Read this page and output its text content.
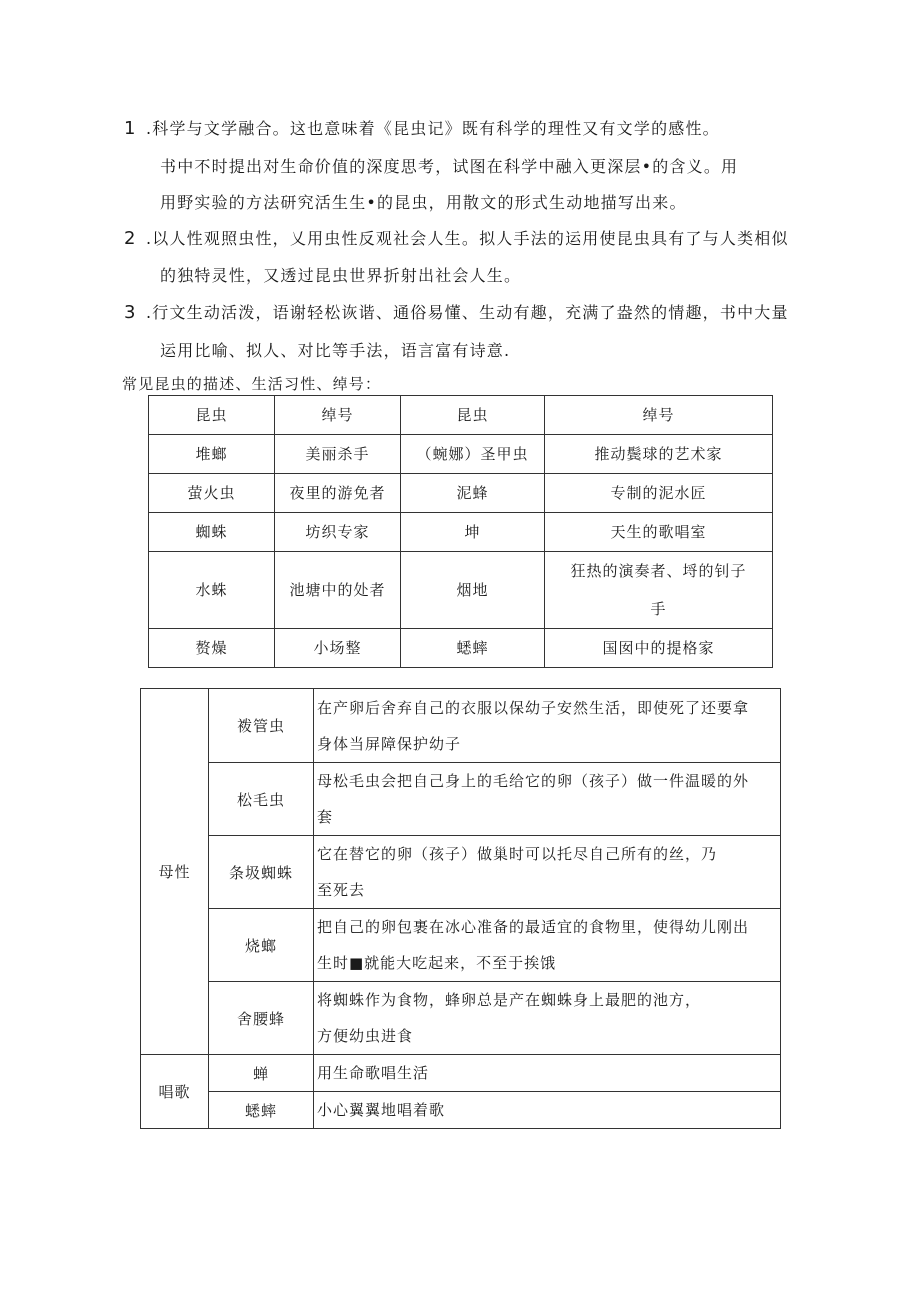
1 .科学与文学融合。这也意味着《昆虫记》既有科学的理性又有文学的感性。
书中不时提出对生命价值的深度思考，试图在科学中融入更深层•的含义。用
用野实验的方法研究活生生•的昆虫，用散文的形式生动地描写出来。
2 .以人性观照虫性，乂用虫性反观社会人生。拟人手法的运用使昆虫具有了与人类相似
的独特灵性，又透过昆虫世界折射出社会人生。
3 .行文生动活泼，语谢轻松诙谐、通俗易懂、生动有趣，充满了盎然的情趣，书中大量
运用比喻、拟人、对比等手法，语言富有诗意.
常见昆虫的描述、生活习性、绰号：
昆虫	绰号	昆虫	绰号
堆螂	美丽杀手	（蜿娜）圣甲虫	推动鬓球的艺术家
萤火虫	夜里的游免者	泥蜂	专制的泥水匠
蜘蛛	坊织专家	坤	天生的歌唱室
水蛛	池塘中的处者	烟地	狂热的演奏者、埒的钊子
手

赘燥	小场整	蟋蟀	国囡中的提格家
母性	袯管虫	在产卵后舍弃自己的衣服以保幼子安然生活，即使死了还要拿
身体当屏障保护幼子

	松毛虫	母松毛虫会把自己身上的毛给它的卵（孩子）做一件温暖的外
套

	条圾蜘蛛	它在替它的卵（孩子）做巢时可以托尽自己所有的丝，乃
至死去

	烧螂	把自己的卵包裹在冰心准备的最适宜的食物里，使得幼儿刚出
生时■就能大吃起来，不至于挨饿

	舍腰蜂	将蜘蛛作为食物，蜂卵总是产在蜘蛛身上最肥的池方，
方便幼虫进食

唱歌	蝉	用生命歌唱生活
	蟋蟀	小心翼翼地唱着歌
